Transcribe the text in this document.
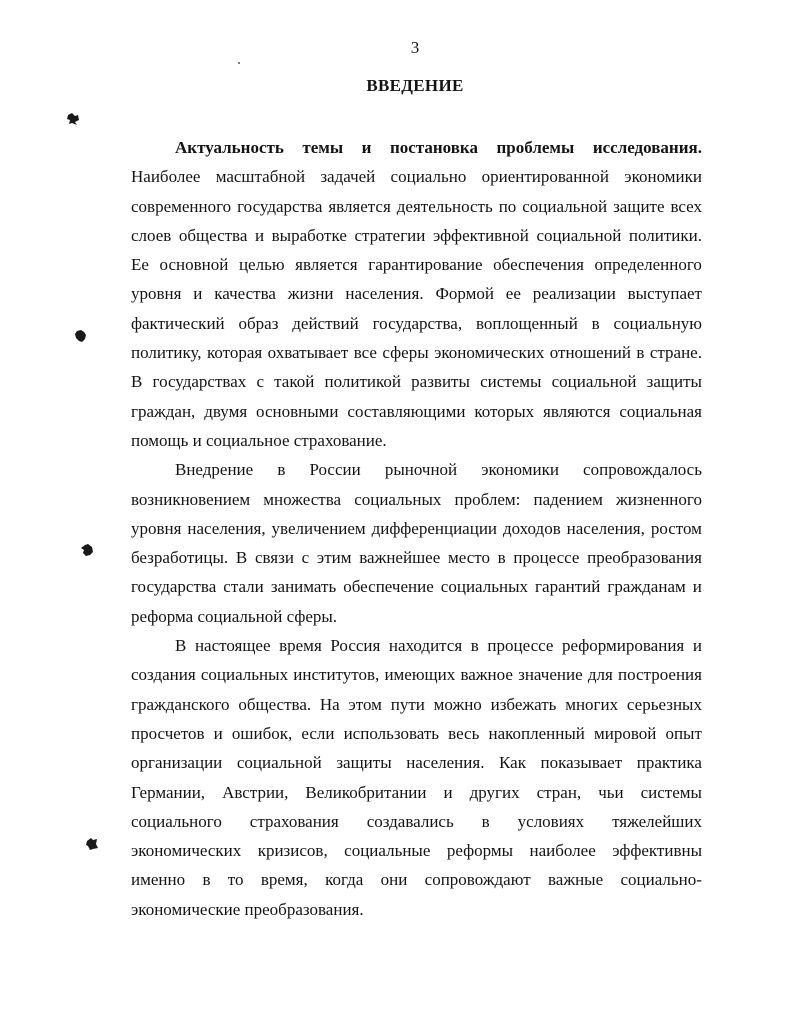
3
ВВЕДЕНИЕ
Актуальность темы и постановка проблемы исследования.
Наиболее масштабной задачей социально ориентированной экономики
современного государства является деятельность по социальной защите всех
слоев общества и выработке стратегии эффективной социальной политики.
Ее основной целью является гарантирование обеспечения определенного
уровня и качества жизни населения. Формой ее реализации выступает
фактический образ действий государства, воплощенный в социальную
политику, которая охватывает все сферы экономических отношений в стране.
В государствах с такой политикой развиты системы социальной защиты
граждан, двумя основными составляющими которых являются социальная
помощь и социальное страхование.
Внедрение в России рыночной экономики сопровождалось
возникновением множества социальных проблем: падением жизненного
уровня населения, увеличением дифференциации доходов населения, ростом
безработицы. В связи с этим важнейшее место в процессе преобразования
государства стали занимать обеспечение социальных гарантий гражданам и
реформа социальной сферы.
В настоящее время Россия находится в процессе реформирования и
создания социальных институтов, имеющих важное значение для построения
гражданского общества. На этом пути можно избежать многих серьезных
просчетов и ошибок, если использовать весь накопленный мировой опыт
организации социальной защиты населения. Как показывает практика
Германии, Австрии, Великобритании и других стран, чьи системы
социального страхования создавались в условиях тяжелейших
экономических кризисов, социальные реформы наиболее эффективны
именно в то время, когда они сопровождают важные социально-
экономические преобразования.
